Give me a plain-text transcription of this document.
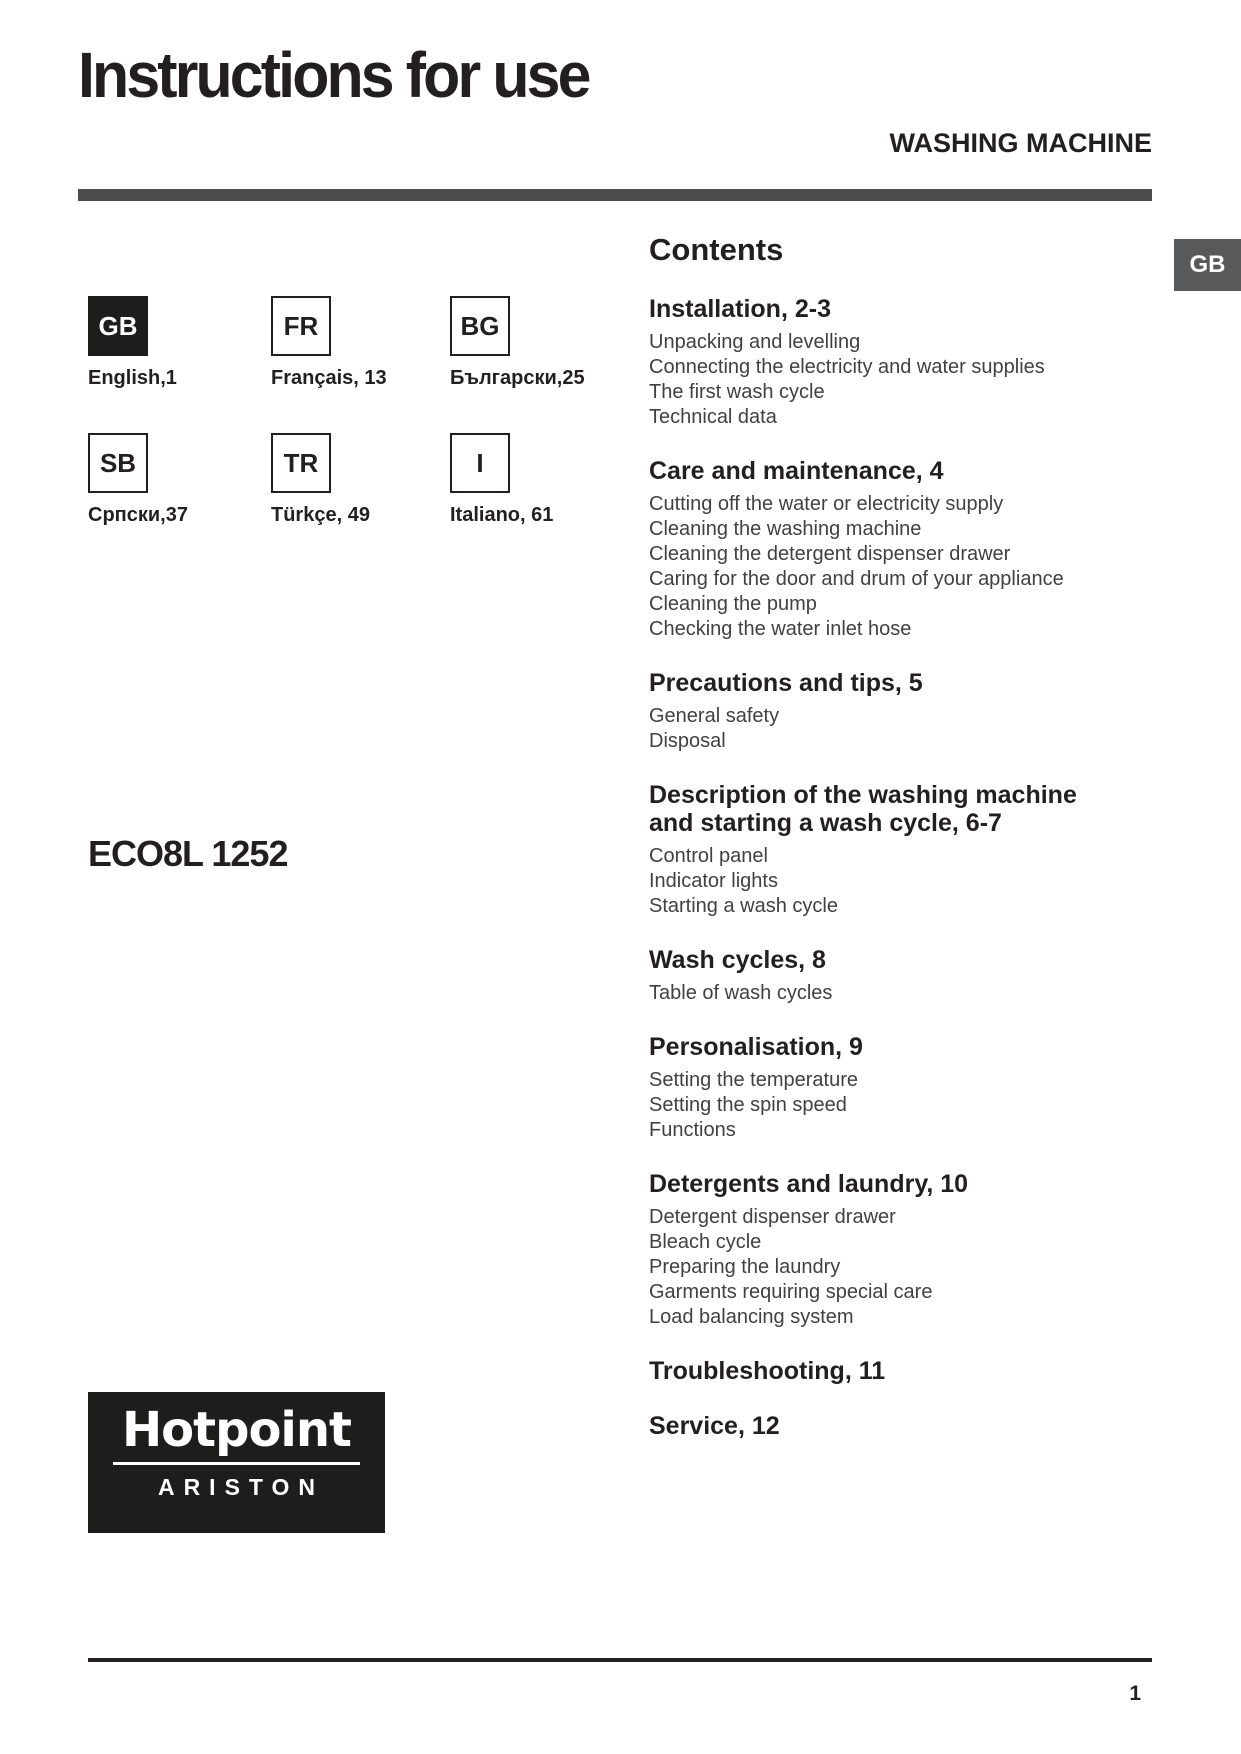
Instructions for use
WASHING MACHINE
GB
GB
English,1
FR
Français, 13
BG
Български,25
SB
Српски,37
TR
Türkçe, 49
I
Italiano, 61
ECO8L 1252
Contents
Installation, 2-3
Unpacking and levelling
Connecting the electricity and water supplies
The first wash cycle
Technical data
Care and maintenance, 4
Cutting off the water or electricity supply
Cleaning the washing machine
Cleaning the detergent dispenser drawer
Caring for the door and drum of your appliance
Cleaning the pump
Checking the water inlet hose
Precautions and tips, 5
General safety
Disposal
Description of the washing machine and starting a wash cycle, 6-7
Control panel
Indicator lights
Starting a wash cycle
Wash cycles, 8
Table of wash cycles
Personalisation, 9
Setting the temperature
Setting the spin speed
Functions
Detergents and laundry, 10
Detergent dispenser drawer
Bleach cycle
Preparing the laundry
Garments requiring special care
Load balancing system
Troubleshooting, 11
Service, 12
Hotpoint
ARISTON
1
